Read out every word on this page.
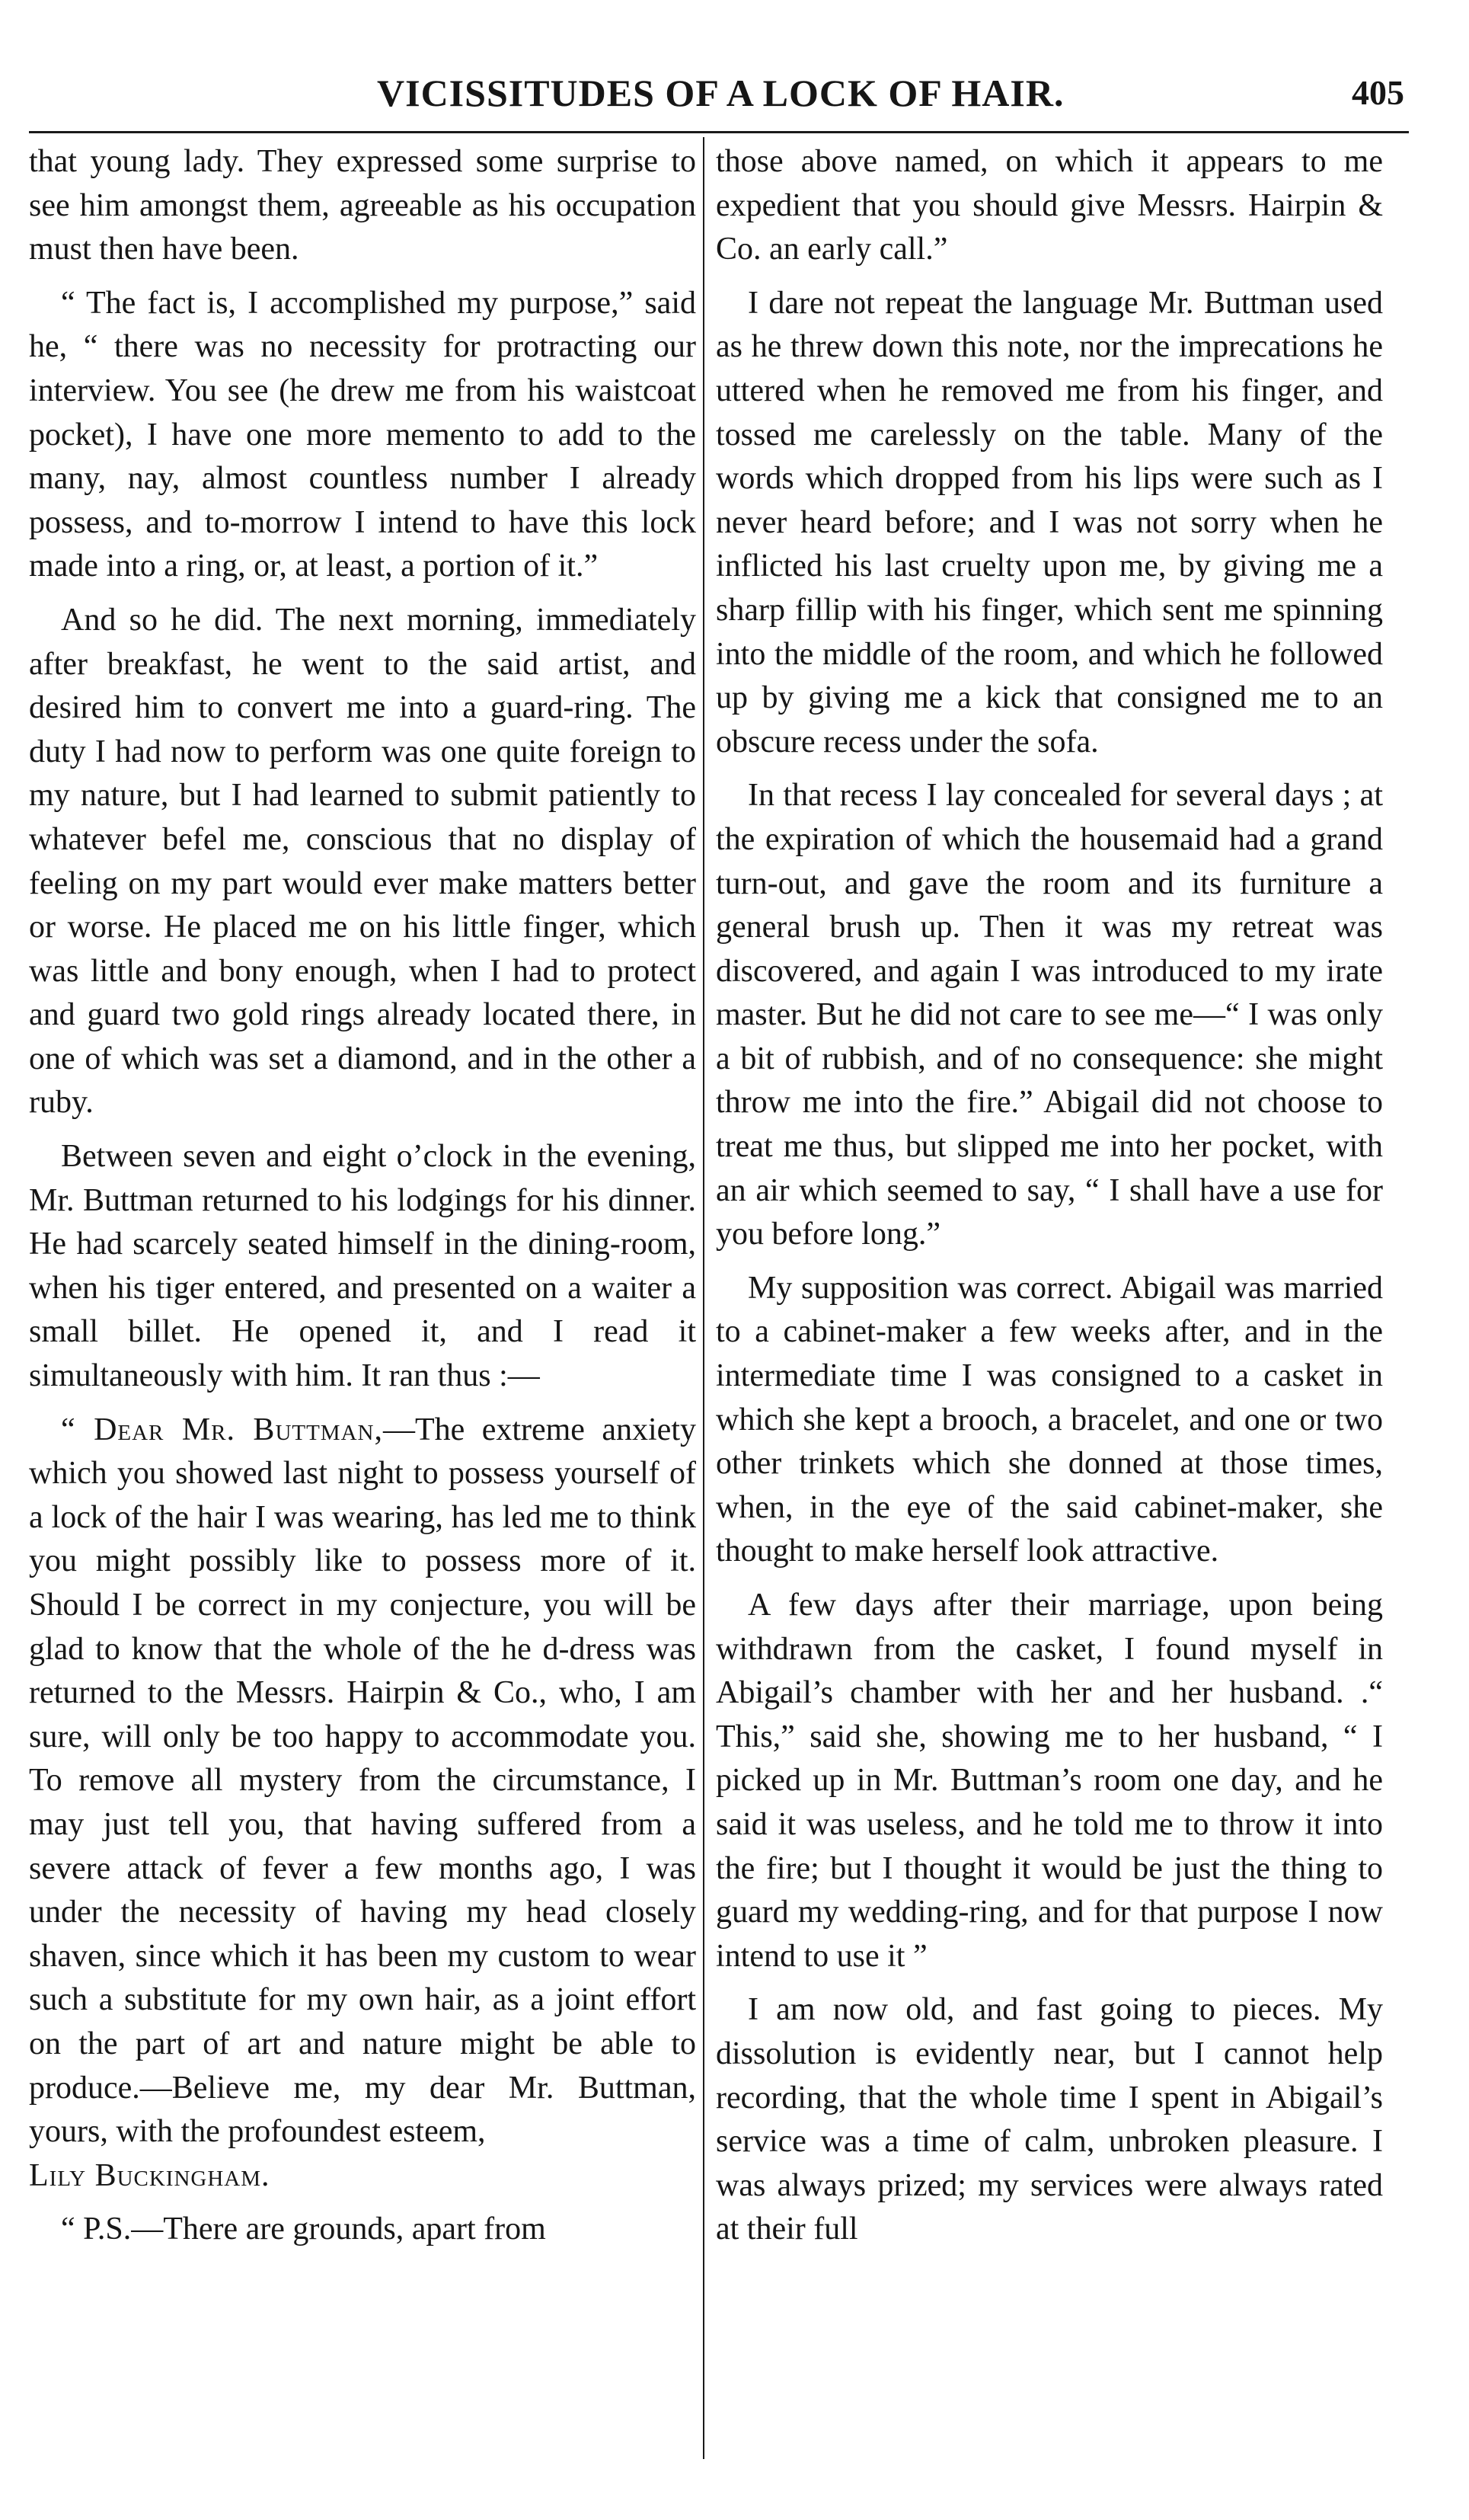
VICISSITUDES OF A LOCK OF HAIR.	405

that young lady. They expressed some surprise to see him amongst them, agreeable as his occupation must then have been.

“ The fact is, I accomplished my purpose,” said he, “ there was no necessity for protracting our interview. You see (he drew me from his waistcoat pocket), I have one more memento to add to the many, nay, almost countless number I already possess, and to-morrow I intend to have this lock made into a ring, or, at least, a portion of it.”

And so he did. The next morning, immediately after breakfast, he went to the said artist, and desired him to convert me into a guard-ring. The duty I had now to perform was one quite foreign to my nature, but I had learned to submit patiently to whatever befel me, conscious that no display of feeling on my part would ever make matters better or worse. He placed me on his little finger, which was little and bony enough, when I had to protect and guard two gold rings already located there, in one of which was set a diamond, and in the other a ruby.

Between seven and eight o’clock in the evening, Mr. Buttman returned to his lodgings for his dinner. He had scarcely seated himself in the dining-room, when his tiger entered, and presented on a waiter a small billet. He opened it, and I read it simultaneously with him. It ran thus :—

“ Dear Mr. Buttman,—The extreme anxiety which you showed last night to possess yourself of a lock of the hair I was wearing, has led me to think you might possibly like to possess more of it. Should I be correct in my conjecture, you will be glad to know that the whole of the he d-dress was returned to the Messrs. Hairpin & Co., who, I am sure, will only be too happy to accommodate you. To remove all mystery from the circumstance, I may just tell you, that having suffered from a severe attack of fever a few months ago, I was under the necessity of having my head closely shaven, since which it has been my custom to wear such a substitute for my own hair, as a joint effort on the part of art and nature might be able to produce.—Believe me, my dear Mr. Buttman, yours, with the profoundest esteem,
Lily Buckingham.

“ P.S.—There are grounds, apart from

those above named, on which it appears to me expedient that you should give Messrs. Hairpin & Co. an early call.”

I dare not repeat the language Mr. Buttman used as he threw down this note, nor the imprecations he uttered when he removed me from his finger, and tossed me carelessly on the table. Many of the words which dropped from his lips were such as I never heard before; and I was not sorry when he inflicted his last cruelty upon me, by giving me a sharp fillip with his finger, which sent me spinning into the middle of the room, and which he followed up by giving me a kick that consigned me to an obscure recess under the sofa.

In that recess I lay concealed for several days ; at the expiration of which the housemaid had a grand turn-out, and gave the room and its furniture a general brush up. Then it was my retreat was discovered, and again I was introduced to my irate master. But he did not care to see me—“ I was only a bit of rubbish, and of no consequence: she might throw me into the fire.” Abigail did not choose to treat me thus, but slipped me into her pocket, with an air which seemed to say, “ I shall have a use for you before long.”

My supposition was correct. Abigail was married to a cabinet-maker a few weeks after, and in the intermediate time I was consigned to a casket in which she kept a brooch, a bracelet, and one or two other trinkets which she donned at those times, when, in the eye of the said cabinet-maker, she thought to make herself look attractive.

A few days after their marriage, upon being withdrawn from the casket, I found myself in Abigail’s chamber with her and her husband. .“ This,” said she, showing me to her husband, “ I picked up in Mr. Buttman’s room one day, and he said it was useless, and he told me to throw it into the fire; but I thought it would be just the thing to guard my wedding-ring, and for that purpose I now intend to use it ”

I am now old, and fast going to pieces. My dissolution is evidently near, but I cannot help recording, that the whole time I spent in Abigail’s service was a time of calm, unbroken pleasure. I was always prized; my services were always rated at their full
